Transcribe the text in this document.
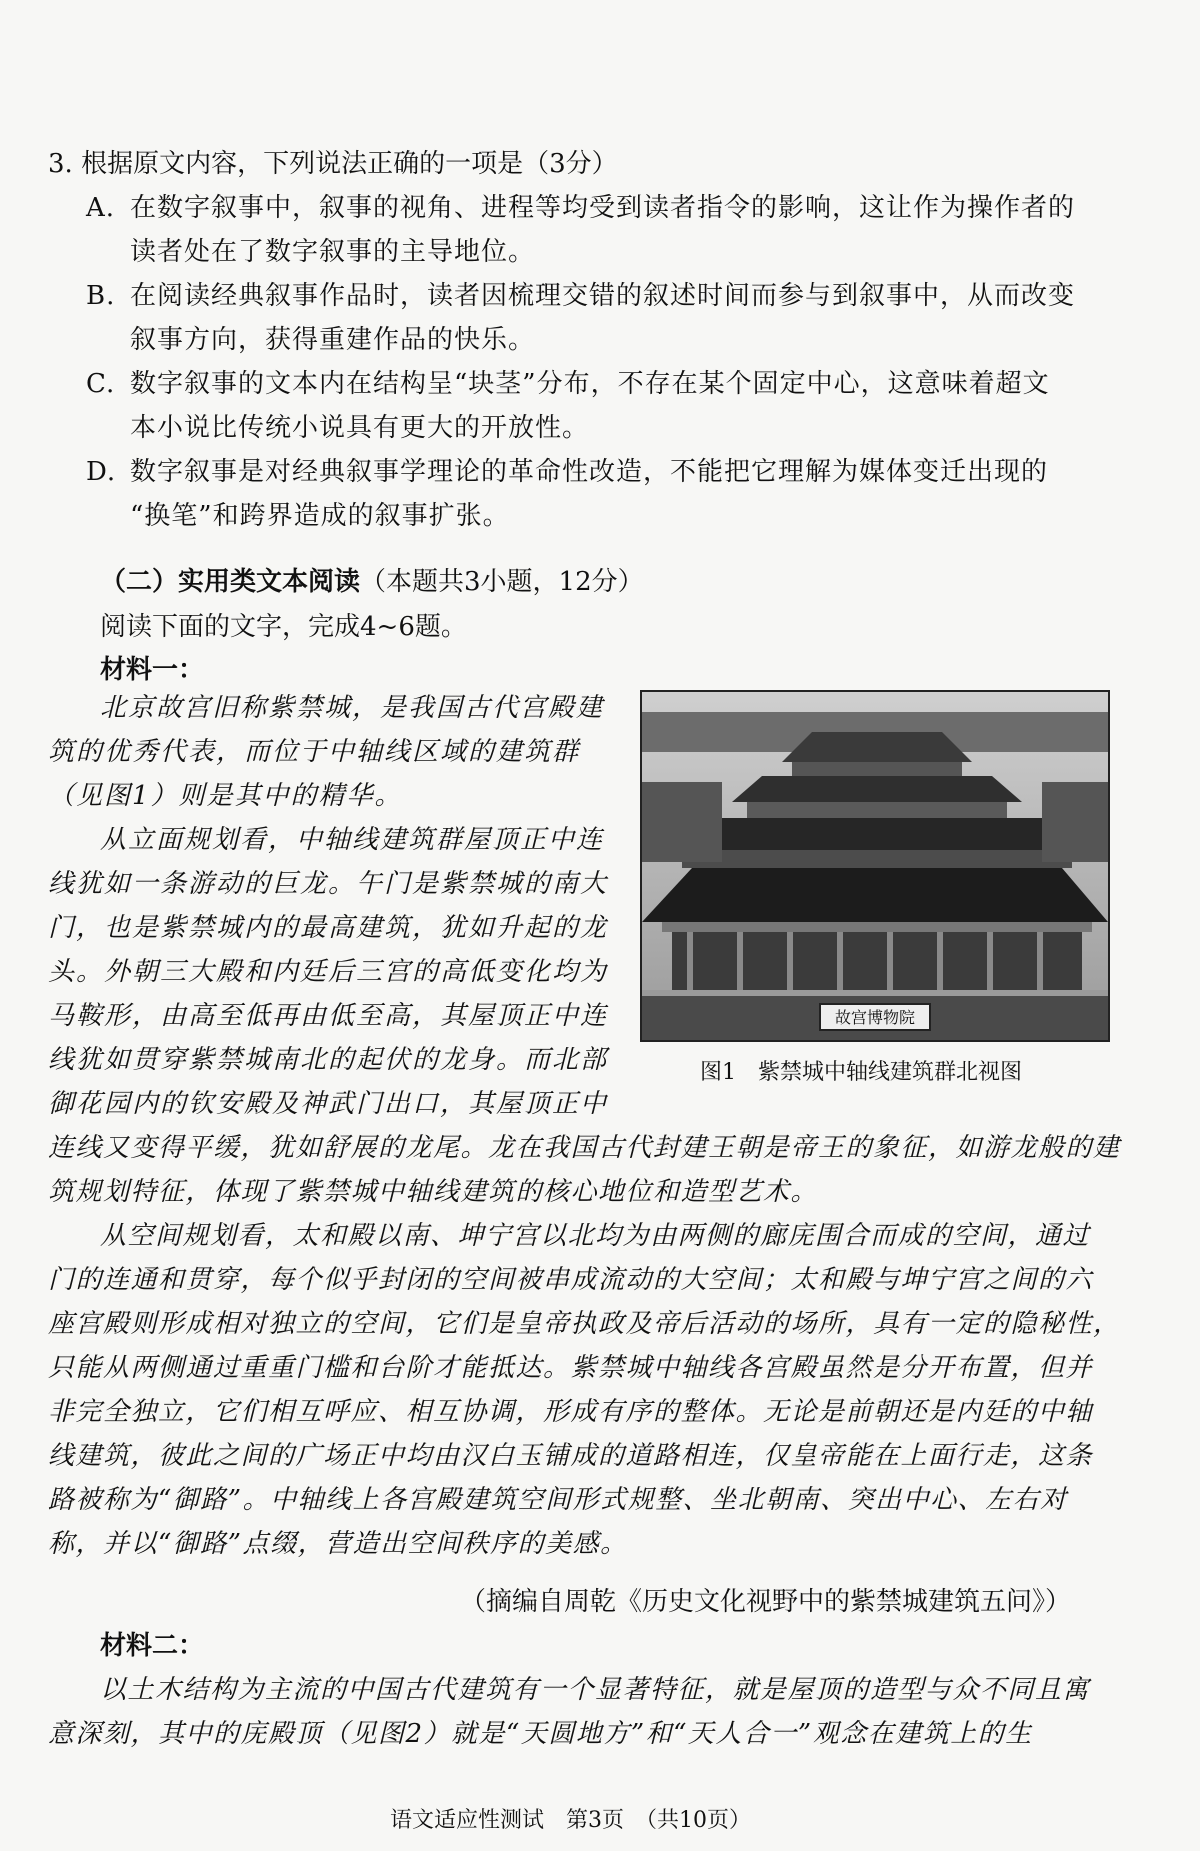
3. 根据原文内容，下列说法正确的一项是（3分）
A. 在数字叙事中，叙事的视角、进程等均受到读者指令的影响，这让作为操作者的
读者处在了数字叙事的主导地位。
B. 在阅读经典叙事作品时，读者因梳理交错的叙述时间而参与到叙事中，从而改变
叙事方向，获得重建作品的快乐。
C. 数字叙事的文本内在结构呈“块茎”分布，不存在某个固定中心，这意味着超文
本小说比传统小说具有更大的开放性。
D. 数字叙事是对经典叙事学理论的革命性改造，不能把它理解为媒体变迁出现的
“换笔”和跨界造成的叙事扩张。
（二）实用类文本阅读（本题共3小题，12分）
阅读下面的文字，完成4~6题。
材料一：

北京故宫旧称紫禁城，是我国古代宫殿建

筑的优秀代表，而位于中轴线区域的建筑群

（见图1）则是其中的精华。

从立面规划看，中轴线建筑群屋顶正中连

线犹如一条游动的巨龙。午门是紫禁城的南大

门，也是紫禁城内的最高建筑，犹如升起的龙

头。外朝三大殿和内廷后三宫的高低变化均为

马鞍形，由高至低再由低至高，其屋顶正中连

线犹如贯穿紫禁城南北的起伏的龙身。而北部

御花园内的钦安殿及神武门出口，其屋顶正中

故宫博物院
图1　紫禁城中轴线建筑群北视图

连线又变得平缓，犹如舒展的龙尾。龙在我国古代封建王朝是帝王的象征，如游龙般的建

筑规划特征，体现了紫禁城中轴线建筑的核心地位和造型艺术。

从空间规划看，太和殿以南、坤宁宫以北均为由两侧的廊庑围合而成的空间，通过

门的连通和贯穿，每个似乎封闭的空间被串成流动的大空间；太和殿与坤宁宫之间的六

座宫殿则形成相对独立的空间，它们是皇帝执政及帝后活动的场所，具有一定的隐秘性，

只能从两侧通过重重门槛和台阶才能抵达。紫禁城中轴线各宫殿虽然是分开布置，但并

非完全独立，它们相互呼应、相互协调，形成有序的整体。无论是前朝还是内廷的中轴

线建筑，彼此之间的广场正中均由汉白玉铺成的道路相连，仅皇帝能在上面行走，这条

路被称为“御路”。中轴线上各宫殿建筑空间形式规整、坐北朝南、突出中心、左右对

称，并以“御路”点缀，营造出空间秩序的美感。

（摘编自周乾《历史文化视野中的紫禁城建筑五问》）
材料二：

以土木结构为主流的中国古代建筑有一个显著特征，就是屋顶的造型与众不同且寓

意深刻，其中的庑殿顶（见图2）就是“天圆地方”和“天人合一”观念在建筑上的生

语文适应性测试　第3页　（共10页）
